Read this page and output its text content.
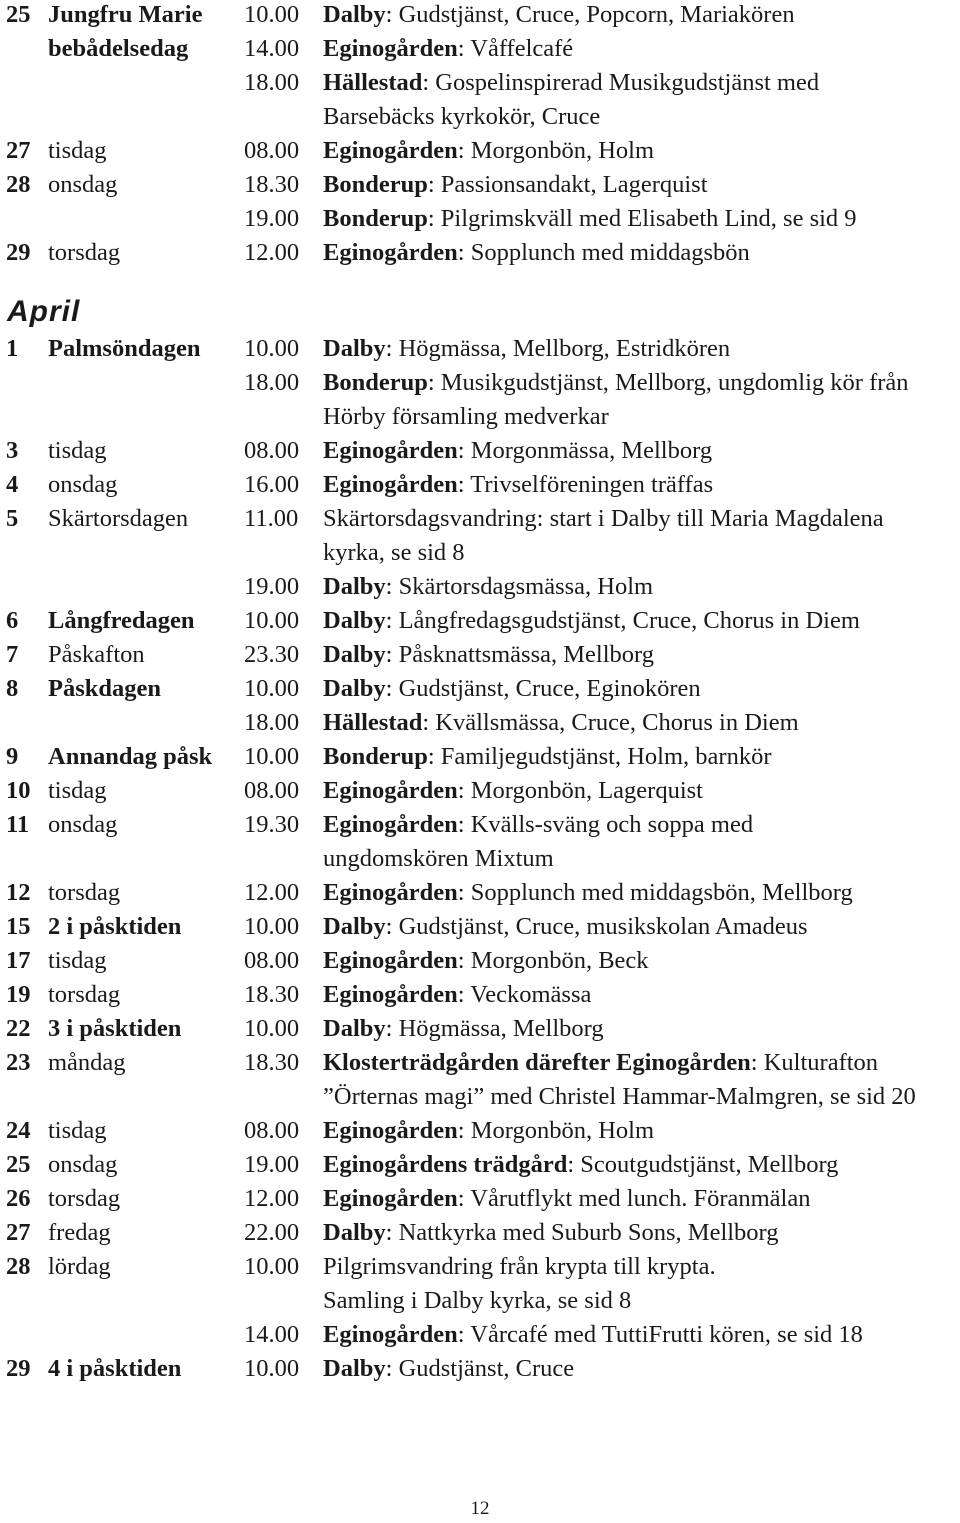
25 Jungfru Marie 10.00 Dalby: Gudstjänst, Cruce, Popcorn, Mariakören
bebådelsedag 14.00 Eginogården: Våffelcafé
18.00 Hällestad: Gospelinspirerad Musikgudstjänst med
Barsebäcks kyrkokör, Cruce
27 tisdag	08.00 Eginogården: Morgonbön, Holm
28 onsdag	18.30 Bonderup: Passionsandakt, Lagerquist
19.00 Bonderup: Pilgrimskväll med Elisabeth Lind, se sid 9
29 torsdag	12.00 Eginogården: Sopplunch med middagsbön
April
1 Palmsöndagen 10.00 Dalby: Högmässa, Mellborg, Estridkören
18.00 Bonderup: Musikgudstjänst, Mellborg, ungdomlig kör från
Hörby församling medverkar
3 tisdag	08.00 Eginogården: Morgonmässa, Mellborg
4 onsdag	16.00 Eginogården: Trivselföreningen träffas
5 Skärtorsdagen 11.00 Skärtorsdagsvandring: start i Dalby till Maria Magdalena
kyrka, se sid 8
19.00 Dalby: Skärtorsdagsmässa, Holm
6 Långfredagen 10.00 Dalby: Långfredagsgudstjänst, Cruce, Chorus in Diem
7 Påskafton	23.30 Dalby: Påsknattsmässa, Mellborg
8 Påskdagen	10.00 Dalby: Gudstjänst, Cruce, Eginokören
18.00 Hällestad: Kvällsmässa, Cruce, Chorus in Diem
9 Annandag påsk 10.00 Bonderup: Familjegudstjänst, Holm, barnkör
10 tisdag	08.00 Eginogården: Morgonbön, Lagerquist
11 onsdag	19.30 Eginogården: Kvälls-sväng och soppa med
ungdomskören Mixtum
12 torsdag	12.00 Eginogården: Sopplunch med middagsbön, Mellborg
15 2 i påsktiden	10.00 Dalby: Gudstjänst, Cruce, musikskolan Amadeus
17 tisdag	08.00 Eginogården: Morgonbön, Beck
19 torsdag	18.30 Eginogården: Veckomässa
22 3 i påsktiden	10.00 Dalby: Högmässa, Mellborg
23 måndag	18.30 Klosterträdgården därefter Eginogården: Kulturafton
”Örternas magi” med Christel Hammar-Malmgren, se sid 20
24 tisdag	08.00 Eginogården: Morgonbön, Holm
25 onsdag	19.00 Eginogårdens trädgård: Scoutgudstjänst, Mellborg
26 torsdag	12.00 Eginogården: Vårutflykt med lunch. Föranmälan
27 fredag	22.00 Dalby: Nattkyrka med Suburb Sons, Mellborg
28 lördag	10.00 Pilgrimsvandring från krypta till krypta.
Samling i Dalby kyrka, se sid 8
14.00 Eginogården: Vårcafé med TuttiFrutti kören, se sid 18
29 4 i påsktiden	10.00 Dalby: Gudstjänst, Cruce
12
